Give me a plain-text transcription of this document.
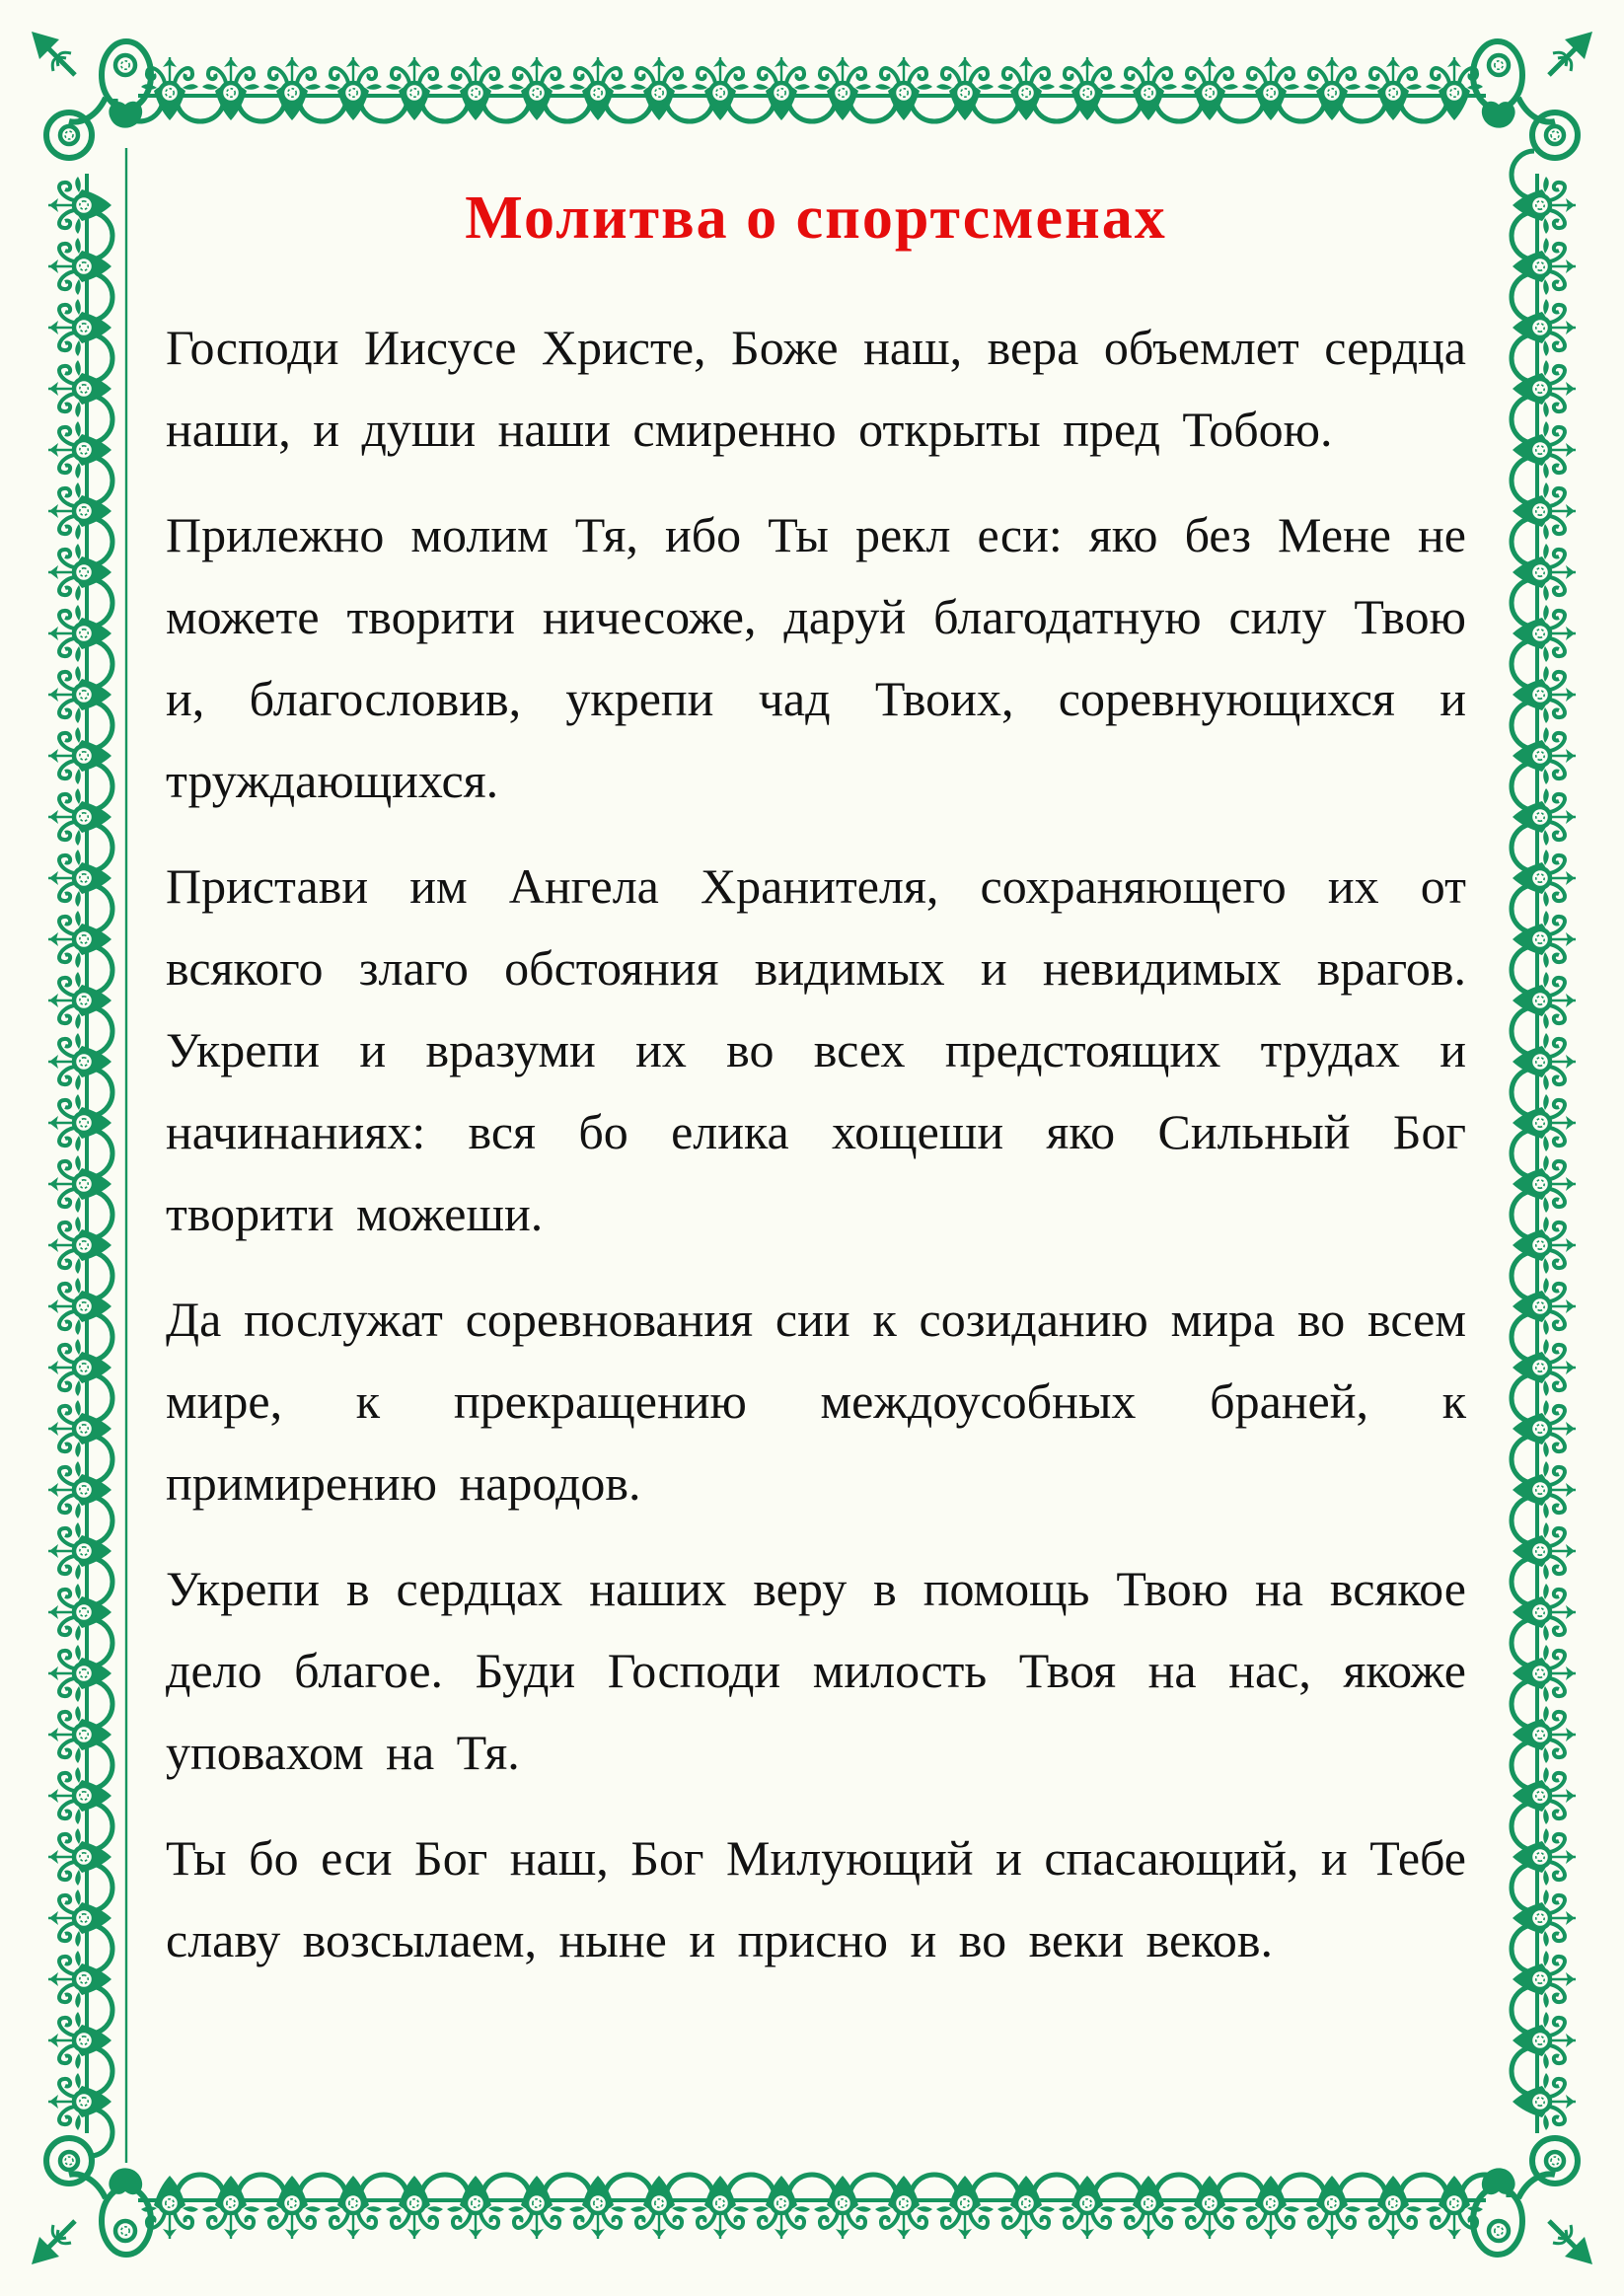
Молитва о спортсменах

Господи Иисусе Христе, Боже наш, вера объемлет сердца наши, и души наши смиренно открыты пред Тобою.

Прилежно молим Тя, ибо Ты рекл еси: яко без Мене не можете творити ничесоже, даруй благодатную силу Твою и, благословив, укрепи чад Твоих, соревнующихся и труждающихся.

Пристави им Ангела Хранителя, сохраняющего их от всякого злаго обстояния видимых и невидимых врагов. Укрепи и вразуми их во всех предстоящих трудах и начинаниях: вся бо елика хощеши яко Сильный Бог творити можеши.

Да послужат соревнования сии к созиданию мира во всем мире, к прекращению междоусобных браней, к примирению народов.

Укрепи в сердцах наших веру в помощь Твою на всякое дело благое. Буди Господи милость Твоя на нас, якоже уповахом на Тя.

Ты бо еси Бог наш, Бог Милующий и спасающий, и Тебе славу возсылаем, ныне и присно и во веки веков.
